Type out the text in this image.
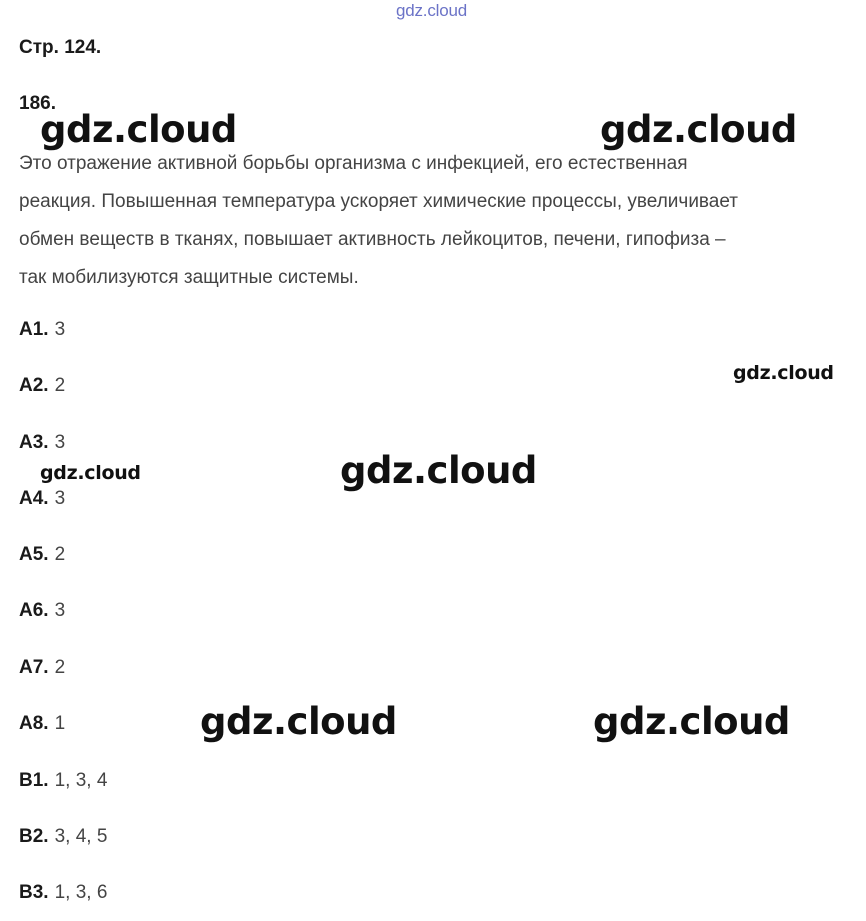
gdz.cloud
Стр. 124.
186.

Это отражение активной борьбы организма с инфекцией, его естественная
реакция. Повышенная температура ускоряет химические процессы, увеличивает
обмен веществ в тканях, повышает активность лейкоцитов, печени, гипофиза –
так мобилизуются защитные системы.

А1. 3
А2. 2
А3. 3
А4. 3
А5. 2
А6. 3
А7. 2
А8. 1
В1. 1, 3, 4
В2. 3, 4, 5
В3. 1, 3, 6
gdz.cloud	gdz.cloud
gdz.cloud
gdz.cloud	gdz.cloud
gdz.cloud	gdz.cloud
